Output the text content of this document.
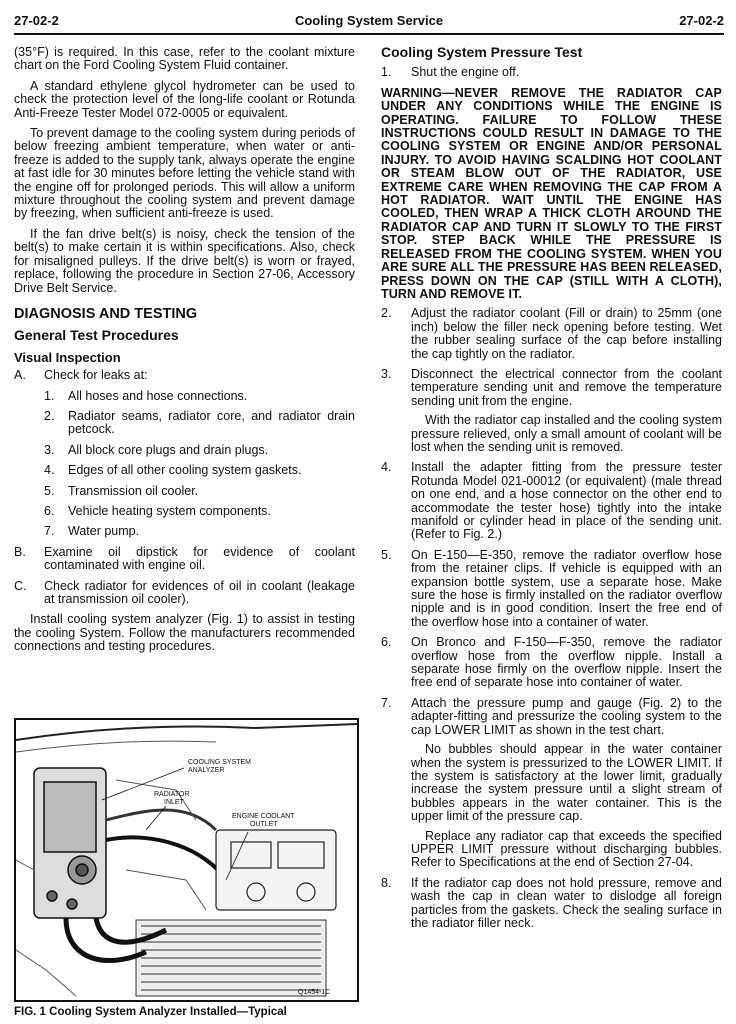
27-02-2	Cooling System Service	27-02-2

(35°F) is required. In this case, refer to the coolant mixture chart on the Ford Cooling System Fluid container.

A standard ethylene glycol hydrometer can be used to check the protection level of the long-life coolant or Rotunda Anti-Freeze Tester Model 072-0005 or equivalent.

To prevent damage to the cooling system during periods of below freezing ambient temperature, when water or anti-freeze is added to the supply tank, always operate the engine at fast idle for 30 minutes before letting the vehicle stand with the engine off for prolonged periods. This will allow a uniform mixture throughout the cooling system and prevent damage by freezing, when sufficient anti-freeze is used.

If the fan drive belt(s) is noisy, check the tension of the belt(s) to make certain it is within specifications. Also, check for misaligned pulleys. If the drive belt(s) is worn or frayed, replace, following the procedure in Section 27-06, Accessory Drive Belt Service.

DIAGNOSIS AND TESTING
General Test Procedures
Visual Inspection
A. Check for leaks at:
1. All hoses and hose connections.
2. Radiator seams, radiator core, and radiator drain petcock.
3. All block core plugs and drain plugs.
4. Edges of all other cooling system gaskets.
5. Transmission oil cooler.
6. Vehicle heating system components.
7. Water pump.
B. Examine oil dipstick for evidence of coolant contaminated with engine oil.
C. Check radiator for evidences of oil in coolant (leakage at transmission oil cooler).

Install cooling system analyzer (Fig. 1) to assist in testing the cooling System. Follow the manufacturers recommended connections and testing procedures.

COOLING SYSTEM
ANALYZER
RADIATOR
INLET
ENGINE COOLANT
OUTLET
Q1454-1C
FIG. 1 Cooling System Analyzer Installed—Typical
Cooling System Pressure Test
1. Shut the engine off.

WARNING—NEVER REMOVE THE RADIATOR CAP UNDER ANY CONDITIONS WHILE THE ENGINE IS OPERATING. FAILURE TO FOLLOW THESE INSTRUCTIONS COULD RESULT IN DAMAGE TO THE COOLING SYSTEM OR ENGINE AND/OR PERSONAL INJURY. TO AVOID HAVING SCALDING HOT COOLANT OR STEAM BLOW OUT OF THE RADIATOR, USE EXTREME CARE WHEN REMOVING THE CAP FROM A HOT RADIATOR. WAIT UNTIL THE ENGINE HAS COOLED, THEN WRAP A THICK CLOTH AROUND THE RADIATOR CAP AND TURN IT SLOWLY TO THE FIRST STOP. STEP BACK WHILE THE PRESSURE IS RELEASED FROM THE COOLING SYSTEM. WHEN YOU ARE SURE ALL THE PRESSURE HAS BEEN RELEASED, PRESS DOWN ON THE CAP (STILL WITH A CLOTH), TURN AND REMOVE IT.

2. Adjust the radiator coolant (Fill or drain) to 25mm (one inch) below the filler neck opening before testing. Wet the rubber sealing surface of the cap before installing the cap tightly on the radiator.
3. Disconnect the electrical connector from the coolant temperature sending unit and remove the temperature sending unit from the engine.

With the radiator cap installed and the cooling system pressure relieved, only a small amount of coolant will be lost when the sending unit is removed.

4. Install the adapter fitting from the pressure tester Rotunda Model 021-00012 (or equivalent) (male thread on one end, and a hose connector on the other end to accommodate the tester hose) tightly into the intake manifold or cylinder head in place of the sending unit. (Refer to Fig. 2.)
5. On E-150—E-350, remove the radiator overflow hose from the retainer clips. If vehicle is equipped with an expansion bottle system, use a separate hose. Make sure the hose is firmly installed on the radiator overflow nipple and is in good condition. Insert the free end of the overflow hose into a container of water.
6. On Bronco and F-150—F-350, remove the radiator overflow hose from the overflow nipple. Install a separate hose firmly on the overflow nipple. Insert the free end of separate hose into container of water.
7. Attach the pressure pump and gauge (Fig. 2) to the adapter-fitting and pressurize the cooling system to the cap LOWER LIMIT as shown in the test chart.

No bubbles should appear in the water container when the system is pressurized to the LOWER LIMIT. If the system is satisfactory at the lower limit, gradually increase the system pressure until a slight stream of bubbles appears in the water container. This is the upper limit of the pressure cap.

Replace any radiator cap that exceeds the specified UPPER LIMIT pressure without discharging bubbles. Refer to Specifications at the end of Section 27-04.

8. If the radiator cap does not hold pressure, remove and wash the cap in clean water to dislodge all foreign particles from the gaskets. Check the sealing surface in the radiator filler neck.
